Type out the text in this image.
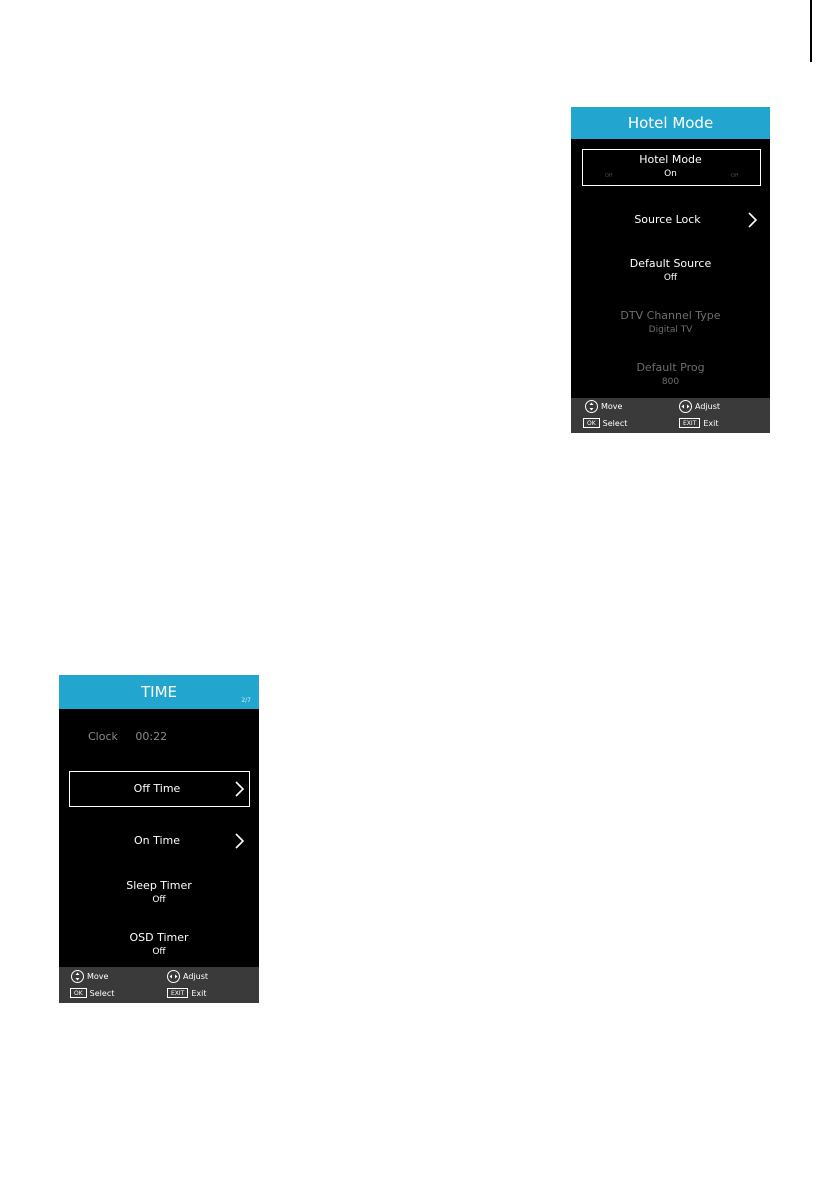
Hotel Mode
Hotel Mode
On
Off	Off
Source Lock
Default Source
Off
DTV Channel Type
Digital TV
Default Prog
800
Move	Adjust
OK Select	EXIT Exit
TIME	2/7
Clock 00:22
Off Time
On Time
Sleep Timer
Off
OSD Timer
Off
Move	Adjust
OK Select	EXIT Exit
